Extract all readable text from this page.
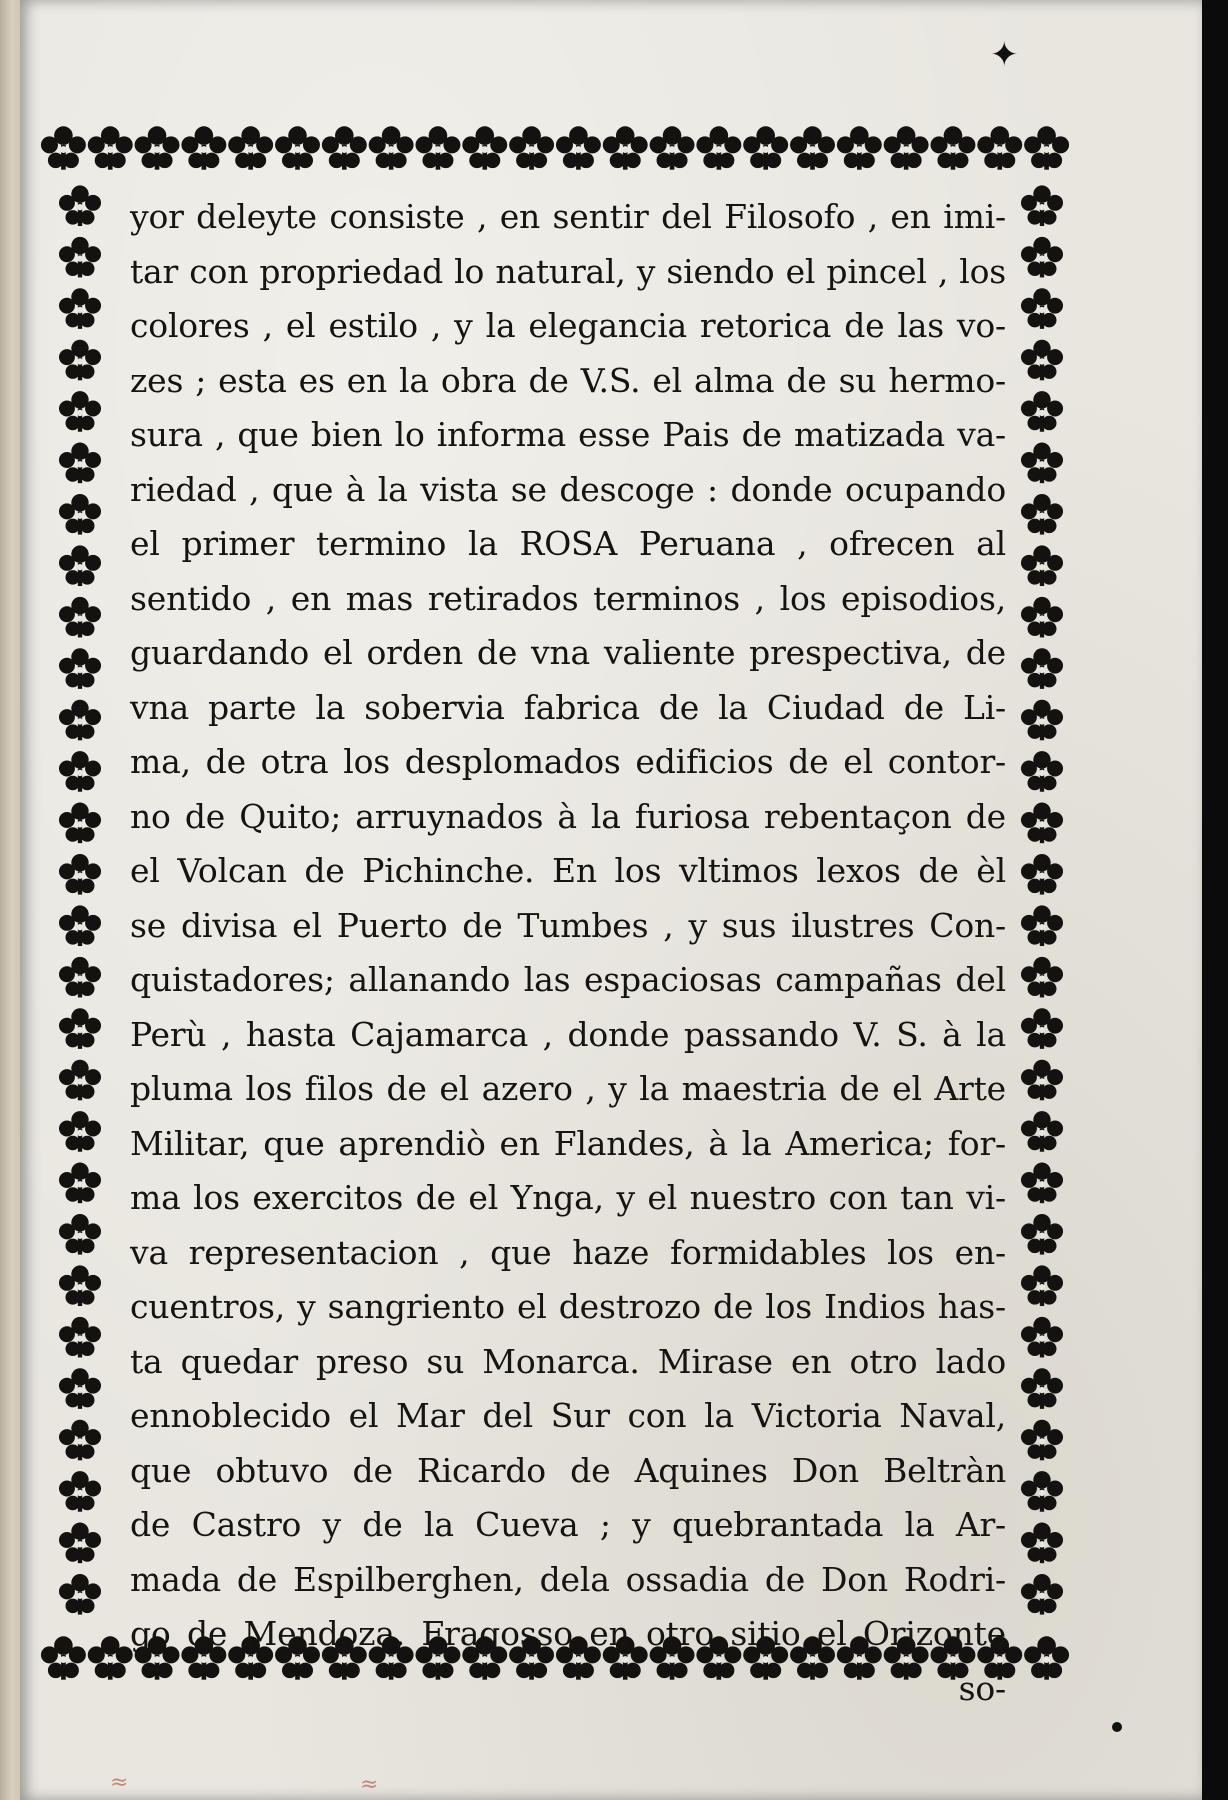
✦
yor deleyte consiste , en sentir del Filosofo , en imi-
tar con propriedad lo natural, y siendo el pincel , los
colores , el estilo , y la elegancia retorica de las vo-
zes ; esta es en la obra de V.S. el alma de su hermo-
sura , que bien lo informa esse Pais de matizada va-
riedad , que à la vista se descoge : donde ocupando
el primer termino la ROSA Peruana , ofrecen al
sentido , en mas retirados terminos , los episodios,
guardando el orden de vna valiente prespectiva, de
vna parte la sobervia fabrica de la Ciudad de Li-
ma, de otra los desplomados edificios de el contor-
no de Quito; arruynados à la furiosa rebentaçon de
el Volcan de Pichinche. En los vltimos lexos de èl
se divisa el Puerto de Tumbes , y sus ilustres Con-
quistadores; allanando las espaciosas campañas del
Perù , hasta Cajamarca , donde passando V. S. à la
pluma los filos de el azero , y la maestria de el Arte
Militar, que aprendiò en Flandes, à la America; for-
ma los exercitos de el Ynga, y el nuestro con tan vi-
va representacion , que haze formidables los en-
cuentros, y sangriento el destrozo de los Indios has-
ta quedar preso su Monarca. Mirase en otro lado
ennoblecido el Mar del Sur con la Victoria Naval,
que obtuvo de Ricardo de Aquines Don Beltràn
de Castro y de la Cueva ; y quebrantada la Ar-
mada de Espilberghen, dela ossadia de Don Rodri-
go de Mendoza. Fragosso en otro sitio el Orizonte
so-
≈	≈
